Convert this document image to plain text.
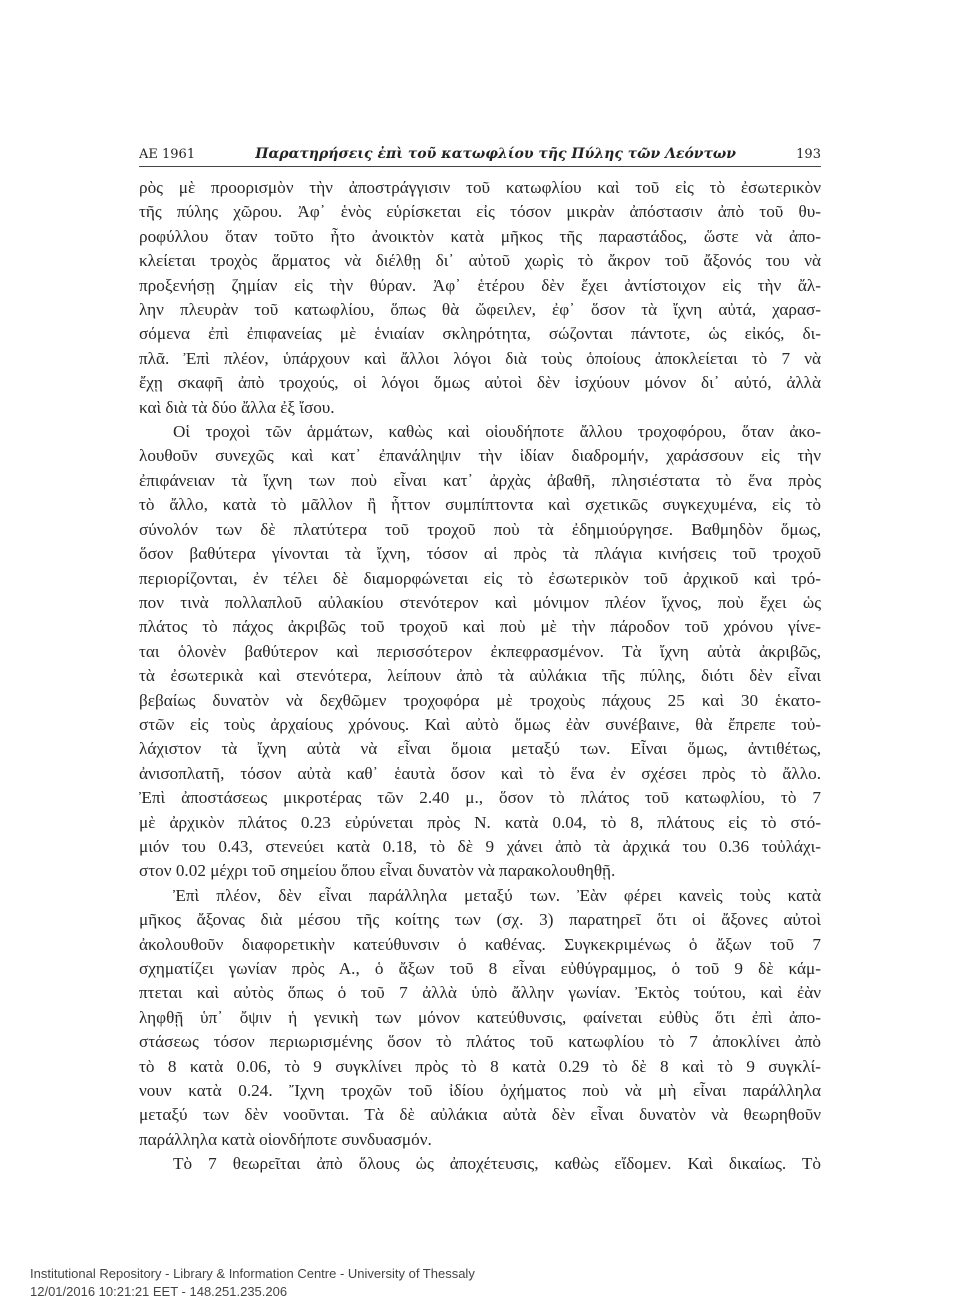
ΑΕ 1961	Παρατηρήσεις ἐπὶ τοῦ κατωφλίου τῆς Πύλης τῶν Λεόντων	193
ρὸς μὲ προορισμὸν τὴν ἀποστράγγισιν τοῦ κατωφλίου καὶ τοῦ εἰς τὸ ἐσωτερικὸν
τῆς πύλης χῶρου. Ἀφ᾽ ἑνὸς εὑρίσκεται εἰς τόσον μικρὰν ἀπόστασιν ἀπὸ τοῦ θυ-
ροφύλλου ὅταν τοῦτο ἦτο ἀνοικτὸν κατὰ μῆκος τῆς παραστάδος, ὥστε νὰ ἀπο-
κλείεται τροχὸς ἅρματος νὰ διέλθῃ δι᾽ αὐτοῦ χωρὶς τὸ ἄκρον τοῦ ἄξονός του νὰ
προξενήσῃ ζημίαν εἰς τὴν θύραν. Ἀφ᾽ ἑτέρου δὲν ἔχει ἀντίστοιχον εἰς τὴν ἄλ-
λην πλευρὰν τοῦ κατωφλίου, ὅπως θὰ ὤφειλεν, ἐφ᾽ ὅσον τὰ ἴχνη αὐτά, χαρασ-
σόμενα ἐπὶ ἐπιφανείας μὲ ἑνιαίαν σκληρότητα, σώζονται πάντοτε, ὡς εἰκός, δι-
πλᾶ. Ἐπὶ πλέον, ὑπάρχουν καὶ ἄλλοι λόγοι διὰ τοὺς ὁποίους ἀποκλείεται τὸ 7 νὰ
ἔχῃ σκαφῆ ἀπὸ τροχούς, οἱ λόγοι ὅμως αὐτοὶ δὲν ἰσχύουν μόνον δι᾽ αὐτό, ἀλλὰ
καὶ διὰ τὰ δύο ἄλλα ἐξ ἴσου.
Οἱ τροχοὶ τῶν ἁρμάτων, καθὼς καὶ οἱουδήποτε ἄλλου τροχοφόρου, ὅταν ἀκο-
λουθοῦν συνεχῶς καὶ κατ᾽ ἐπανάληψιν τὴν ἰδίαν διαδρομήν, χαράσσουν εἰς τὴν
ἐπιφάνειαν τὰ ἴχνη των ποὺ εἶναι κατ᾽ ἀρχὰς ἀβαθῆ, πλησιέστατα τὸ ἕνα πρὸς
τὸ ἄλλο, κατὰ τὸ μᾶλλον ἢ ἧττον συμπίπτοντα καὶ σχετικῶς συγκεχυμένα, εἰς τὸ
σύνολόν των δὲ πλατύτερα τοῦ τροχοῦ ποὺ τὰ ἐδημιούργησε. Βαθμηδὸν ὅμως,
ὅσον βαθύτερα γίνονται τὰ ἴχνη, τόσον αἱ πρὸς τὰ πλάγια κινήσεις τοῦ τροχοῦ
περιορίζονται, ἐν τέλει δὲ διαμορφώνεται εἰς τὸ ἐσωτερικὸν τοῦ ἀρχικοῦ καὶ τρό-
πον τινὰ πολλαπλοῦ αὐλακίου στενότερον καὶ μόνιμον πλέον ἴχνος, ποὺ ἔχει ὡς
πλάτος τὸ πάχος ἀκριβῶς τοῦ τροχοῦ καὶ ποὺ μὲ τὴν πάροδον τοῦ χρόνου γίνε-
ται ὁλονὲν βαθύτερον καὶ περισσότερον ἐκπεφρασμένον. Τὰ ἴχνη αὐτὰ ἀκριβῶς,
τὰ ἐσωτερικὰ καὶ στενότερα, λείπουν ἀπὸ τὰ αὐλάκια τῆς πύλης, διότι δὲν εἶναι
βεβαίως δυνατὸν νὰ δεχθῶμεν τροχοφόρα μὲ τροχοὺς πάχους 25 καὶ 30 ἑκατο-
στῶν εἰς τοὺς ἀρχαίους χρόνους. Καὶ αὐτὸ ὅμως ἐὰν συνέβαινε, θὰ ἔπρεπε τοὐ-
λάχιστον τὰ ἴχνη αὐτὰ νὰ εἶναι ὅμοια μεταξύ των. Εἶναι ὅμως, ἀντιθέτως,
ἀνισοπλατῆ, τόσον αὐτὰ καθ᾽ ἑαυτὰ ὅσον καὶ τὸ ἕνα ἐν σχέσει πρὸς τὸ ἄλλο.
Ἐπὶ ἀποστάσεως μικροτέρας τῶν 2.40 μ., ὅσον τὸ πλάτος τοῦ κατωφλίου, τὸ 7
μὲ ἀρχικὸν πλάτος 0.23 εὐρύνεται πρὸς Ν. κατὰ 0.04, τὸ 8, πλάτους εἰς τὸ στό-
μιόν του 0.43, στενεύει κατὰ 0.18, τὸ δὲ 9 χάνει ἀπὸ τὰ ἀρχικά του 0.36 τοὐλάχι-
στον 0.02 μέχρι τοῦ σημείου ὅπου εἶναι δυνατὸν νὰ παρακολουθηθῇ.
Ἐπὶ πλέον, δὲν εἶναι παράλληλα μεταξύ των. Ἐὰν φέρει κανεὶς τοὺς κατὰ
μῆκος ἄξονας διὰ μέσου τῆς κοίτης των (σχ. 3) παρατηρεῖ ὅτι οἱ ἄξονες αὐτοὶ
ἀκολουθοῦν διαφορετικὴν κατεύθυνσιν ὁ καθένας. Συγκεκριμένως ὁ ἄξων τοῦ 7
σχηματίζει γωνίαν πρὸς Α., ὁ ἄξων τοῦ 8 εἶναι εὐθύγραμμος, ὁ τοῦ 9 δὲ κάμ-
πτεται καὶ αὐτὸς ὅπως ὁ τοῦ 7 ἀλλὰ ὑπὸ ἄλλην γωνίαν. Ἐκτὸς τούτου, καὶ ἐὰν
ληφθῇ ὑπ᾽ ὄψιν ἡ γενικὴ των μόνον κατεύθυνσις, φαίνεται εὐθὺς ὅτι ἐπὶ ἀπο-
στάσεως τόσον περιωρισμένης ὅσον τὸ πλάτος τοῦ κατωφλίου τὸ 7 ἀποκλίνει ἀπὸ
τὸ 8 κατὰ 0.06, τὸ 9 συγκλίνει πρὸς τὸ 8 κατὰ 0.29 τὸ δὲ 8 καὶ τὸ 9 συγκλί-
νουν κατὰ 0.24. Ἴχνη τροχῶν τοῦ ἰδίου ὀχήματος ποὺ νὰ μὴ εἶναι παράλληλα
μεταξύ των δὲν νοοῦνται. Τὰ δὲ αὐλάκια αὐτὰ δὲν εἶναι δυνατὸν νὰ θεωρηθοῦν
παράλληλα κατὰ οἱονδήποτε συνδυασμόν.
Τὸ 7 θεωρεῖται ἀπὸ ὅλους ὡς ἀποχέτευσις, καθὼς εἴδομεν. Καὶ δικαίως. Τὸ
Institutional Repository - Library & Information Centre - University of Thessaly
12/01/2016 10:21:21 EET - 148.251.235.206
